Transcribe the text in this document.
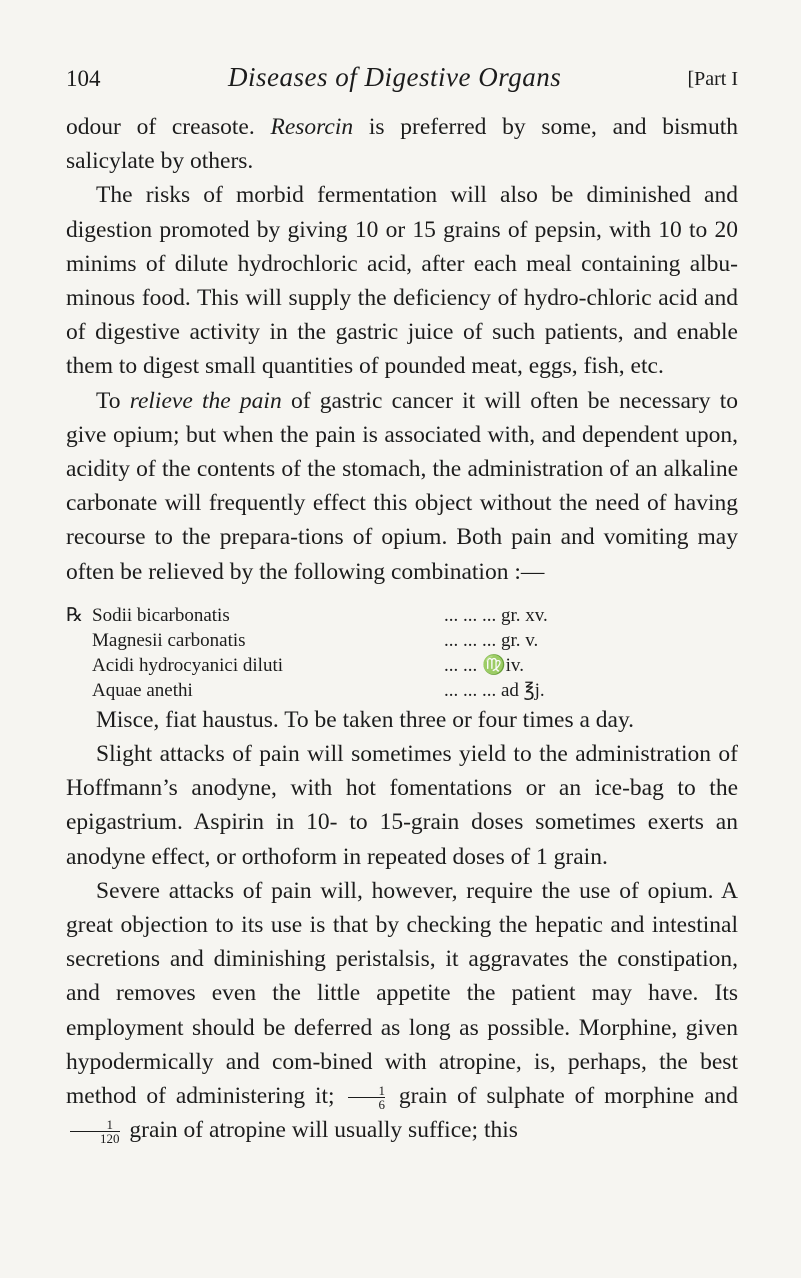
104	Diseases of Digestive Organs	[Part I

odour of creasote. Resorcin is preferred by some, and bismuth salicylate by others.

The risks of morbid fermentation will also be diminished and digestion promoted by giving 10 or 15 grains of pepsin, with 10 to 20 minims of dilute hydrochloric acid, after each meal containing albu-minous food. This will supply the deficiency of hydro-chloric acid and of digestive activity in the gastric juice of such patients, and enable them to digest small quantities of pounded meat, eggs, fish, etc.

To relieve the pain of gastric cancer it will often be necessary to give opium; but when the pain is associated with, and dependent upon, acidity of the contents of the stomach, the administration of an alkaline carbonate will frequently effect this object without the need of having recourse to the prepara-tions of opium. Both pain and vomiting may often be relieved by the following combination :—

℞ Sodii bicarbonatis	... ... ... gr. xv.
Magnesii carbonatis	... ... ... gr. v.
Acidi hydrocyanici diluti	... ... ♍iv.
Aquae anethi	... ... ... ad ℥j.

Misce, fiat haustus. To be taken three or four times a day.

Slight attacks of pain will sometimes yield to the administration of Hoffmann’s anodyne, with hot fomentations or an ice-bag to the epigastrium. Aspirin in 10- to 15-grain doses sometimes exerts an anodyne effect, or orthoform in repeated doses of 1 grain.

Severe attacks of pain will, however, require the use of opium. A great objection to its use is that by checking the hepatic and intestinal secretions and diminishing peristalsis, it aggravates the constipation, and removes even the little appetite the patient may have. Its employment should be deferred as long as possible. Morphine, given hypodermically and com-bined with atropine, is, perhaps, the best method of administering it; $\frac{1}{6}$ grain of sulphate of morphine and
$\frac{1}{120}$ grain of atropine will usually suffice; this
